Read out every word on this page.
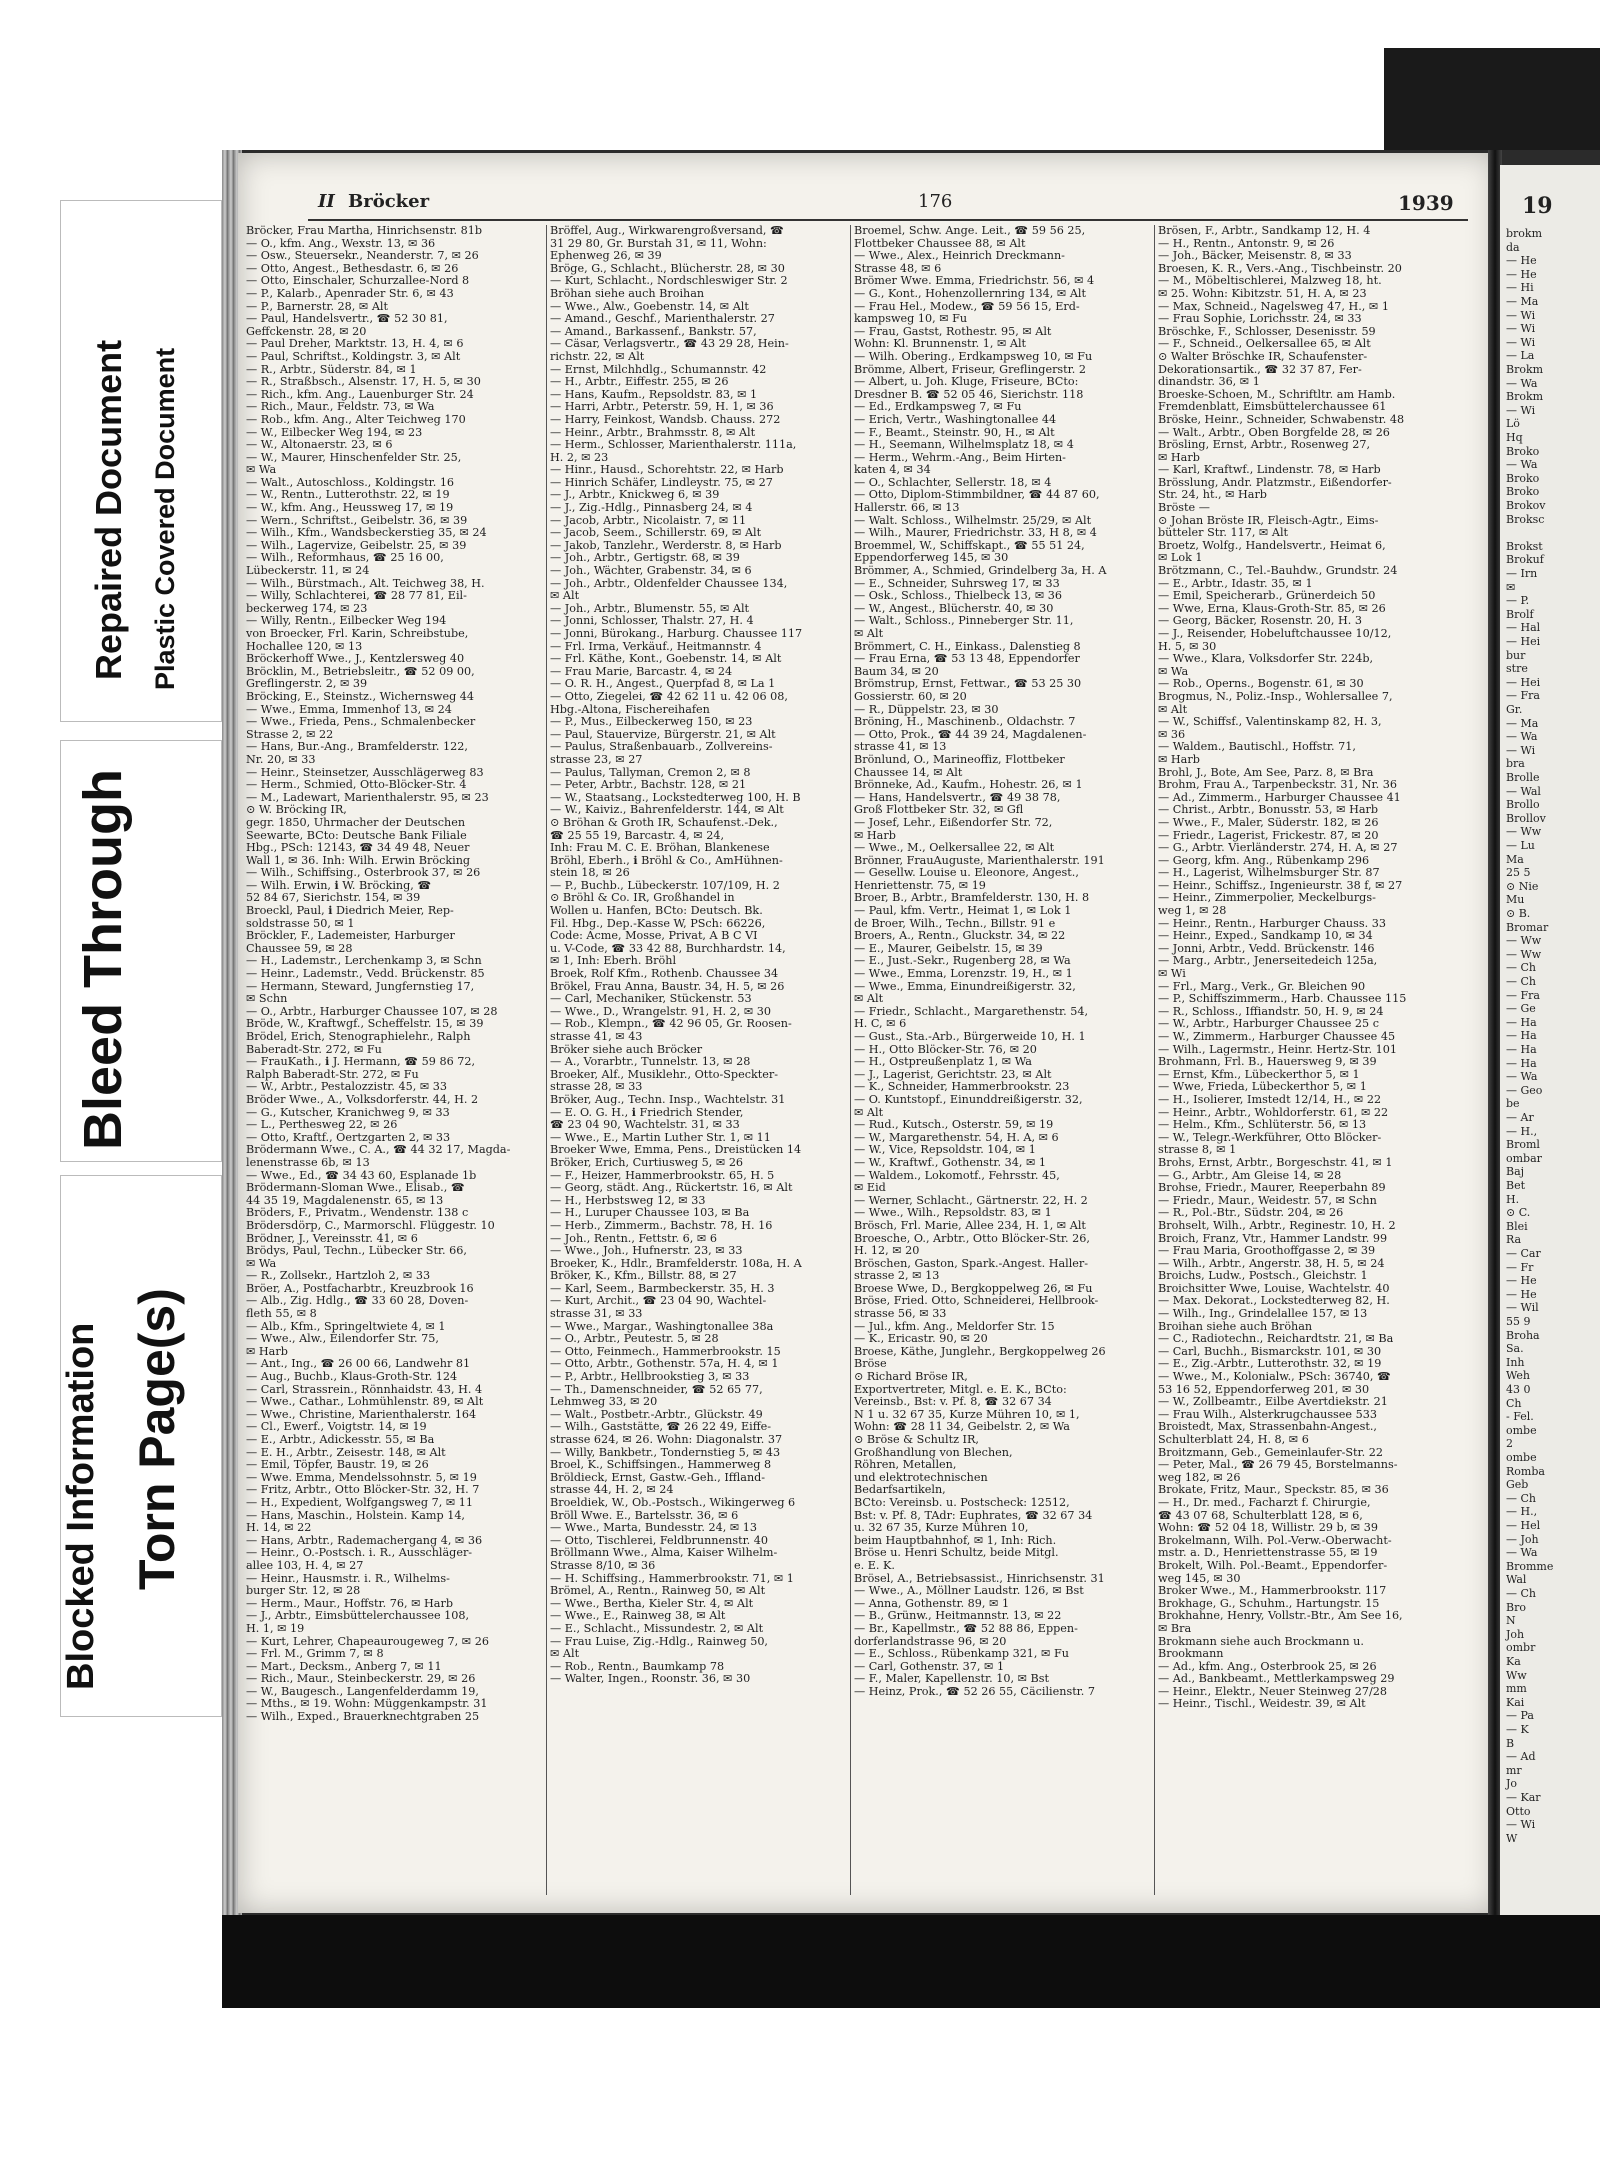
Repaired Document Plastic Covered Document
Bleed Through
Blocked Information Torn Page(s)
II Bröcker	176	1939
Bröcker, Frau Martha, Hinrichsenstr. 81b
— O., kfm. Ang., Wexstr. 13, ✉ 36
— Osw., Steuersekr., Neanderstr. 7, ✉ 26
— Otto, Angest., Bethesdastr. 6, ✉ 26
— Otto, Einschaler, Schurzallee-Nord 8
— P., Kalarb., Apenrader Str. 6, ✉ 43
— P., Barnerstr. 28, ✉ Alt
— Paul, Handelsvertr., ☎ 52 30 81,
Geffckenstr. 28, ✉ 20
— Paul Dreher, Marktstr. 13, H. 4, ✉ 6
— Paul, Schriftst., Koldingstr. 3, ✉ Alt
— R., Arbtr., Süderstr. 84, ✉ 1
— R., Straßbsch., Alsenstr. 17, H. 5, ✉ 30
— Rich., kfm. Ang., Lauenburger Str. 24
— Rich., Maur., Feldstr. 73, ✉ Wa
— Rob., kfm. Ang., Alter Teichweg 170
— W., Eilbecker Weg 194, ✉ 23
— W., Altonaerstr. 23, ✉ 6
— W., Maurer, Hinschenfelder Str. 25,
✉ Wa
— Walt., Autoschloss., Koldingstr. 16
— W., Rentn., Lutterothstr. 22, ✉ 19
— W., kfm. Ang., Heussweg 17, ✉ 19
— Wern., Schriftst., Geibelstr. 36, ✉ 39
— Wilh., Kfm., Wandsbeckerstieg 35, ✉ 24
— Wilh., Lagervize, Geibelstr. 25, ✉ 39
— Wilh., Reformhaus, ☎ 25 16 00,
Lübeckerstr. 11, ✉ 24
— Wilh., Bürstmach., Alt. Teichweg 38, H.
— Willy, Schlachterei, ☎ 28 77 81, Eil-
beckerweg 174, ✉ 23
— Willy, Rentn., Eilbecker Weg 194
von Broecker, Frl. Karin, Schreibstube,
Hochallee 120, ✉ 13
Bröckerhoff Wwe., J., Kentzlersweg 40
Bröcklin, M., Betriebsleitr., ☎ 52 09 00,
Greflingerstr. 2, ✉ 39
Bröcking, E., Steinstz., Wichernsweg 44
— Wwe., Emma, Immenhof 13, ✉ 24
— Wwe., Frieda, Pens., Schmalenbecker
Strasse 2, ✉ 22
— Hans, Bur.-Ang., Bramfelderstr. 122,
Nr. 20, ✉ 33
— Heinr., Steinsetzer, Ausschlägerweg 83
— Herm., Schmied, Otto-Blöcker-Str. 4
— M., Ladewart, Marienthalerstr. 95, ✉ 23
⊙ W. Bröcking IR,
gegr. 1850, Uhrmacher der Deutschen
Seewarte, BCto: Deutsche Bank Filiale
Hbg., PSch: 12143, ☎ 34 49 48, Neuer
Wall 1, ✉ 36. Inh: Wilh. Erwin Bröcking
— Wilh., Schiffsing., Osterbrook 37, ✉ 26
— Wilh. Erwin, ℹ W. Bröcking, ☎
52 84 67, Sierichstr. 154, ✉ 39
Broeckl, Paul, ℹ Diedrich Meier, Rep-
soldstrasse 50, ✉ 1
Bröckler, F., Lademeister, Harburger
Chaussee 59, ✉ 28
— H., Lademstr., Lerchenkamp 3, ✉ Schn
— Heinr., Lademstr., Vedd. Brückenstr. 85
— Hermann, Steward, Jungfernstieg 17,
✉ Schn
— O., Arbtr., Harburger Chaussee 107, ✉ 28
Bröde, W., Kraftwgf., Scheffelstr. 15, ✉ 39
Brödel, Erich, Stenographielehr., Ralph
Baberadt-Str. 272, ✉ Fu
— FrauKath., ℹ J. Hermann, ☎ 59 86 72,
Ralph Baberadt-Str. 272, ✉ Fu
— W., Arbtr., Pestalozzistr. 45, ✉ 33
Bröder Wwe., A., Volksdorferstr. 44, H. 2
— G., Kutscher, Kranichweg 9, ✉ 33
— L., Perthesweg 22, ✉ 26
— Otto, Kraftf., Oertzgarten 2, ✉ 33
Brödermann Wwe., C. A., ☎ 44 32 17, Magda-
lenenstrasse 6b, ✉ 13
— Wwe., Ed., ☎ 34 43 60, Esplanade 1b
Brödermann-Sloman Wwe., Elisab., ☎
44 35 19, Magdalenenstr. 65, ✉ 13
Bröders, F., Privatm., Wendenstr. 138 c
Brödersdörp, C., Marmorschl. Flüggestr. 10
Brödner, J., Vereinsstr. 41, ✉ 6
Brödys, Paul, Techn., Lübecker Str. 66,
✉ Wa
— R., Zollsekr., Hartzloh 2, ✉ 33
Bröer, A., Postfacharbtr., Kreuzbrook 16
— Alb., Zig. Hdlg., ☎ 33 60 28, Doven-
fleth 55, ✉ 8
— Alb., Kfm., Springeltwiete 4, ✉ 1
— Wwe., Alw., Eilendorfer Str. 75,
✉ Harb
— Ant., Ing., ☎ 26 00 66, Landwehr 81
— Aug., Buchb., Klaus-Groth-Str. 124
— Carl, Strassrein., Rönnhaidstr. 43, H. 4
— Wwe., Cathar., Lohmühlenstr. 89, ✉ Alt
— Wwe., Christine, Marienthalerstr. 164
— Cl., Ewerf., Voigtstr. 14, ✉ 19
— E., Arbtr., Adickesstr. 55, ✉ Ba
— E. H., Arbtr., Zeisestr. 148, ✉ Alt
— Emil, Töpfer, Baustr. 19, ✉ 26
— Wwe. Emma, Mendelssohnstr. 5, ✉ 19
— Fritz, Arbtr., Otto Blöcker-Str. 32, H. 7
— H., Expedient, Wolfgangsweg 7, ✉ 11
— Hans, Maschin., Holstein. Kamp 14,
H. 14, ✉ 22
— Hans, Arbtr., Rademachergang 4, ✉ 36
— Heinr., O.-Postsch. i. R., Ausschläger-
allee 103, H. 4, ✉ 27
— Heinr., Hausmstr. i. R., Wilhelms-
burger Str. 12, ✉ 28
— Herm., Maur., Hoffstr. 76, ✉ Harb
— J., Arbtr., Eimsbüttelerchaussee 108,
H. 1, ✉ 19
— Kurt, Lehrer, Chapeaurougeweg 7, ✉ 26
— Frl. M., Grimm 7, ✉ 8
— Mart., Decksm., Anberg 7, ✉ 11
— Rich., Maur., Steinbeckerstr. 29, ✉ 26
— W., Baugesch., Langenfelderdamm 19,
— Mths., ✉ 19. Wohn: Müggenkampstr. 31
— Wilh., Exped., Brauerknechtgraben 25
Bröffel, Aug., Wirkwarengroßversand, ☎
31 29 80, Gr. Burstah 31, ✉ 11, Wohn:
Ephenweg 26, ✉ 39
Bröge, G., Schlacht., Blücherstr. 28, ✉ 30
— Kurt, Schlacht., Nordschleswiger Str. 2
Bröhan siehe auch Broihan
— Wwe., Alw., Goebenstr. 14, ✉ Alt
— Amand., Geschf., Marienthalerstr. 27
— Amand., Barkassenf., Bankstr. 57,
— Cäsar, Verlagsvertr., ☎ 43 29 28, Hein-
richstr. 22, ✉ Alt
— Ernst, Milchhdlg., Schumannstr. 42
— H., Arbtr., Eiffestr. 255, ✉ 26
— Hans, Kaufm., Repsoldstr. 83, ✉ 1
— Harri, Arbtr., Peterstr. 59, H. 1, ✉ 36
— Harry, Feinkost, Wandsb. Chauss. 272
— Heinr., Arbtr., Brahmsstr. 8, ✉ Alt
— Herm., Schlosser, Marienthalerstr. 111a,
H. 2, ✉ 23
— Hinr., Hausd., Schorehtstr. 22, ✉ Harb
— Hinrich Schäfer, Lindleystr. 75, ✉ 27
— J., Arbtr., Knickweg 6, ✉ 39
— J., Zig.-Hdlg., Pinnasberg 24, ✉ 4
— Jacob, Arbtr., Nicolaistr. 7, ✉ 11
— Jacob, Seem., Schillerstr. 69, ✉ Alt
— Jakob, Tanzlehr., Werderstr. 8, ✉ Harb
— Joh., Arbtr., Gertigstr. 68, ✉ 39
— Joh., Wächter, Grabenstr. 34, ✉ 6
— Joh., Arbtr., Oldenfelder Chaussee 134,
✉ Alt
— Joh., Arbtr., Blumenstr. 55, ✉ Alt
— Jonni, Schlosser, Thalstr. 27, H. 4
— Jonni, Bürokang., Harburg. Chaussee 117
— Frl. Irma, Verkäuf., Heitmannstr. 4
— Frl. Käthe, Kont., Goebenstr. 14, ✉ Alt
— Frau Marie, Barcastr. 4, ✉ 24
— O. R. H., Angest., Querpfad 8, ✉ La 1
— Otto, Ziegelei, ☎ 42 62 11 u. 42 06 08,
Hbg.-Altona, Fischereihafen
— P., Mus., Eilbeckerweg 150, ✉ 23
— Paul, Stauervize, Bürgerstr. 21, ✉ Alt
— Paulus, Straßenbauarb., Zollvereins-
strasse 23, ✉ 27
— Paulus, Tallyman, Cremon 2, ✉ 8
— Peter, Arbtr., Bachstr. 128, ✉ 21
— W., Staatsang., Lockstedterweg 100, H. B
— W., Kaiviz., Bahrenfelderstr. 144, ✉ Alt
⊙ Bröhan & Groth IR, Schaufenst.-Dek.,
☎ 25 55 19, Barcastr. 4, ✉ 24,
Inh: Frau M. C. E. Bröhan, Blankenese
Bröhl, Eberh., ℹ Bröhl & Co., AmHühnen-
stein 18, ✉ 26
— P., Buchb., Lübeckerstr. 107/109, H. 2
⊙ Bröhl & Co. IR, Großhandel in
Wollen u. Hanfen, BCto: Deutsch. Bk.
Fil. Hbg., Dep.-Kasse W, PSch: 66226,
Code: Acme, Mosse, Privat, A B C VI
u. V-Code, ☎ 33 42 88, Burchhardstr. 14,
✉ 1, Inh: Eberh. Bröhl
Broek, Rolf Kfm., Rothenb. Chaussee 34
Brökel, Frau Anna, Baustr. 34, H. 5, ✉ 26
— Carl, Mechaniker, Stückenstr. 53
— Wwe., D., Wrangelstr. 91, H. 2, ✉ 30
— Rob., Klempn., ☎ 42 96 05, Gr. Roosen-
strasse 41, ✉ 43
Bröker siehe auch Bröcker
— A., Vorarbtr., Tunnelstr. 13, ✉ 28
Broeker, Alf., Musiklehr., Otto-Speckter-
strasse 28, ✉ 33
Bröker, Aug., Techn. Insp., Wachtelstr. 31
— E. O. G. H., ℹ Friedrich Stender,
☎ 23 04 90, Wachtelstr. 31, ✉ 33
— Wwe., E., Martin Luther Str. 1, ✉ 11
Broeker Wwe, Emma, Pens., Dreistücken 14
Bröker, Erich, Curtiusweg 5, ✉ 26
— F., Heizer, Hammerbrookstr. 65, H. 5
— Georg, städt. Ang., Rückertstr. 16, ✉ Alt
— H., Herbstsweg 12, ✉ 33
— H., Luruper Chaussee 103, ✉ Ba
— Herb., Zimmerm., Bachstr. 78, H. 16
— Joh., Rentn., Fettstr. 6, ✉ 6
— Wwe., Joh., Hufnerstr. 23, ✉ 33
Broeker, K., Hdlr., Bramfelderstr. 108a, H. A
Bröker, K., Kfm., Billstr. 88, ✉ 27
— Karl, Seem., Barmbeckerstr. 35, H. 3
— Kurt, Archit., ☎ 23 04 90, Wachtel-
strasse 31, ✉ 33
— Wwe., Margar., Washingtonallee 38a
— O., Arbtr., Peutestr. 5, ✉ 28
— Otto, Feinmech., Hammerbrookstr. 15
— Otto, Arbtr., Gothenstr. 57a, H. 4, ✉ 1
— P., Arbtr., Hellbrookstieg 3, ✉ 33
— Th., Damenschneider, ☎ 52 65 77,
Lehmweg 33, ✉ 20
— Walt., Postbetr.-Arbtr., Glückstr. 49
— Wilh., Gaststätte, ☎ 26 22 49, Eiffe-
strasse 624, ✉ 26. Wohn: Diagonalstr. 37
— Willy, Bankbetr., Tondernstieg 5, ✉ 43
Broel, K., Schiffsingen., Hammerweg 8
Bröldieck, Ernst, Gastw.-Geh., Iffland-
strasse 44, H. 2, ✉ 24
Broeldiek, W., Ob.-Postsch., Wikingerweg 6
Bröll Wwe. E., Bartelsstr. 36, ✉ 6
— Wwe., Marta, Bundesstr. 24, ✉ 13
— Otto, Tischlerei, Feldbrunnenstr. 40
Bröllmann Wwe., Alma, Kaiser Wilhelm-
Strasse 8/10, ✉ 36
— H. Schiffsing., Hammerbrookstr. 71, ✉ 1
Brömel, A., Rentn., Rainweg 50, ✉ Alt
— Wwe., Bertha, Kieler Str. 4, ✉ Alt
— Wwe., E., Rainweg 38, ✉ Alt
— E., Schlacht., Missundestr. 2, ✉ Alt
— Frau Luise, Zig.-Hdlg., Rainweg 50,
✉ Alt
— Rob., Rentn., Baumkamp 78
— Walter, Ingen., Roonstr. 36, ✉ 30
Broemel, Schw. Ange. Leit., ☎ 59 56 25,
Flottbeker Chaussee 88, ✉ Alt
— Wwe., Alex., Heinrich Dreckmann-
Strasse 48, ✉ 6
Brömer Wwe. Emma, Friedrichstr. 56, ✉ 4
— G., Kont., Hohenzollernring 134, ✉ Alt
— Frau Hel., Modew., ☎ 59 56 15, Erd-
kampsweg 10, ✉ Fu
— Frau, Gastst, Rothestr. 95, ✉ Alt
Wohn: Kl. Brunnenstr. 1, ✉ Alt
— Wilh. Obering., Erdkampsweg 10, ✉ Fu
Brömme, Albert, Friseur, Greflingerstr. 2
— Albert, u. Joh. Kluge, Friseure, BCto:
Dresdner B. ☎ 52 05 46, Sierichstr. 118
— Ed., Erdkampsweg 7, ✉ Fu
— Erich, Vertr., Washingtonallee 44
— F., Beamt., Steinstr. 90, H., ✉ Alt
— H., Seemann, Wilhelmsplatz 18, ✉ 4
— Herm., Wehrm.-Ang., Beim Hirten-
katen 4, ✉ 34
— O., Schlachter, Sellerstr. 18, ✉ 4
— Otto, Diplom-Stimmbildner, ☎ 44 87 60,
Hallerstr. 66, ✉ 13
— Walt. Schloss., Wilhelmstr. 25/29, ✉ Alt
— Wilh., Maurer, Friedrichstr. 33, H 8, ✉ 4
Broemmel, W., Schiffskapt., ☎ 55 51 24,
Eppendorferweg 145, ✉ 30
Brömmer, A., Schmied, Grindelberg 3a, H. A
— E., Schneider, Suhrsweg 17, ✉ 33
— Osk., Schloss., Thielbeck 13, ✉ 36
— W., Angest., Blücherstr. 40, ✉ 30
— Walt., Schloss., Pinneberger Str. 11,
✉ Alt
Brömmert, C. H., Einkass., Dalenstieg 8
— Frau Erna, ☎ 53 13 48, Eppendorfer
Baum 34, ✉ 20
Brömstrup, Ernst, Fettwar., ☎ 53 25 30
Gossierstr. 60, ✉ 20
— R., Düppelstr. 23, ✉ 30
Bröning, H., Maschinenb., Oldachstr. 7
— Otto, Prok., ☎ 44 39 24, Magdalenen-
strasse 41, ✉ 13
Brönlund, O., Marineoffiz, Flottbeker
Chaussee 14, ✉ Alt
Brönneke, Ad., Kaufm., Hohestr. 26, ✉ 1
— Hans, Handelsvertr., ☎ 49 38 78,
Groß Flottbeker Str. 32, ✉ Gfl
— Josef, Lehr., Eißendorfer Str. 72,
✉ Harb
— Wwe., M., Oelkersallee 22, ✉ Alt
Brönner, FrauAuguste, Marienthalerstr. 191
— Gesellw. Louise u. Eleonore, Angest.,
Henriettenstr. 75, ✉ 19
Broer, B., Arbtr., Bramfelderstr. 130, H. 8
— Paul, kfm. Vertr., Heimat 1, ✉ Lok 1
de Broer, Wilh., Techn., Billstr. 91 e
Broers, A., Rentn., Gluckstr. 34, ✉ 22
— E., Maurer, Geibelstr. 15, ✉ 39
— E., Just.-Sekr., Rugenberg 28, ✉ Wa
— Wwe., Emma, Lorenzstr. 19, H., ✉ 1
— Wwe., Emma, Einundreißigerstr. 32,
✉ Alt
— Friedr., Schlacht., Margarethenstr. 54,
H. C, ✉ 6
— Gust., Sta.-Arb., Bürgerweide 10, H. 1
— H., Otto Blöcker-Str. 76, ✉ 20
— H., Ostpreußenplatz 1, ✉ Wa
— J., Lagerist, Gerichtstr. 23, ✉ Alt
— K., Schneider, Hammerbrookstr. 23
— O. Kuntstopf., Einunddreißigerstr. 32,
✉ Alt
— Rud., Kutsch., Osterstr. 59, ✉ 19
— W., Margarethenstr. 54, H. A, ✉ 6
— W., Vice, Repsoldstr. 104, ✉ 1
— W., Kraftwf., Gothenstr. 34, ✉ 1
— Waldem., Lokomotf., Fehrsstr. 45,
✉ Eid
— Werner, Schlacht., Gärtnerstr. 22, H. 2
— Wwe., Wilh., Repsoldstr. 83, ✉ 1
Brösch, Frl. Marie, Allee 234, H. 1, ✉ Alt
Broesche, O., Arbtr., Otto Blöcker-Str. 26,
H. 12, ✉ 20
Bröschen, Gaston, Spark.-Angest. Haller-
strasse 2, ✉ 13
Broese Wwe, D., Bergkoppelweg 26, ✉ Fu
Bröse, Fried. Otto, Schneiderei, Hellbrook-
strasse 56, ✉ 33
— Jul., kfm. Ang., Meldorfer Str. 15
— K., Ericastr. 90, ✉ 20
Broese, Käthe, Junglehr., Bergkoppelweg 26
Bröse
⊙ Richard Bröse IR,
Exportvertreter, Mitgl. e. E. K., BCto:
Vereinsb., Bst: v. Pf. 8, ☎ 32 67 34
N 1 u. 32 67 35, Kurze Mühren 10, ✉ 1,
Wohn: ☎ 28 11 34, Geibelstr. 2, ✉ Wa
⊙ Bröse & Schultz IR,
Großhandlung von Blechen,
Röhren, Metallen,
und elektrotechnischen
Bedarfsartikeln,
BCto: Vereinsb. u. Postscheck: 12512,
Bst: v. Pf. 8, TAdr: Euphrates, ☎ 32 67 34
u. 32 67 35, Kurze Mühren 10,
beim Hauptbahnhof, ✉ 1, Inh: Rich.
Bröse u. Henri Schultz, beide Mitgl.
e. E. K.
Brösel, A., Betriebsassist., Hinrichsenstr. 31
— Wwe., A., Möllner Laudstr. 126, ✉ Bst
— Anna, Gothenstr. 89, ✉ 1
— B., Grünw., Heitmannstr. 13, ✉ 22
— Br., Kapellmstr., ☎ 52 88 86, Eppen-
dorferlandstrasse 96, ✉ 20
— E., Schloss., Rübenkamp 321, ✉ Fu
— Carl, Gothenstr. 37, ✉ 1
— F., Maler, Kapellenstr. 10, ✉ Bst
— Heinz, Prok., ☎ 52 26 55, Cäcilienstr. 7
Brösen, F., Arbtr., Sandkamp 12, H. 4
— H., Rentn., Antonstr. 9, ✉ 26
— Joh., Bäcker, Meisenstr. 8, ✉ 33
Broesen, K. R., Vers.-Ang., Tischbeinstr. 20
— M., Möbeltischlerei, Malzweg 18, ht.
✉ 25. Wohn: Kibitzstr. 51, H. A, ✉ 23
— Max, Schneid., Nagelsweg 47, H., ✉ 1
— Frau Sophie, Lorichsstr. 24, ✉ 33
Bröschke, F., Schlosser, Desenisstr. 59
— F., Schneid., Oelkersallee 65, ✉ Alt
⊙ Walter Bröschke IR, Schaufenster-
Dekorationsartik., ☎ 32 37 87, Fer-
dinandstr. 36, ✉ 1
Broeske-Schoen, M., Schriftltr. am Hamb.
Fremdenblatt, Eimsbüttelerchaussee 61
Bröske, Heinr., Schneider, Schwabenstr. 48
— Walt., Arbtr., Oben Borgfelde 28, ✉ 26
Brösling, Ernst, Arbtr., Rosenweg 27,
✉ Harb
— Karl, Kraftwf., Lindenstr. 78, ✉ Harb
Brösslung, Andr. Platzmstr., Eißendorfer-
Str. 24, ht., ✉ Harb
Bröste —
⊙ Johan Bröste IR, Fleisch-Agtr., Eims-
bütteler Str. 117, ✉ Alt
Broetz, Wolfg., Handelsvertr., Heimat 6,
✉ Lok 1
Brötzmann, C., Tel.-Bauhdw., Grundstr. 24
— E., Arbtr., Idastr. 35, ✉ 1
— Emil, Speicherarb., Grünerdeich 50
— Wwe, Erna, Klaus-Groth-Str. 85, ✉ 26
— Georg, Bäcker, Rosenstr. 20, H. 3
— J., Reisender, Hobeluftchaussee 10/12,
H. 5, ✉ 30
— Wwe., Klara, Volksdorfer Str. 224b,
✉ Wa
— Rob., Operns., Bogenstr. 61, ✉ 30
Brogmus, N., Poliz.-Insp., Wohlersallee 7,
✉ Alt
— W., Schiffsf., Valentinskamp 82, H. 3,
✉ 36
— Waldem., Bautischl., Hoffstr. 71,
✉ Harb
Brohl, J., Bote, Am See, Parz. 8, ✉ Bra
Brohm, Frau A., Tarpenbeckstr. 31, Nr. 36
— Ad., Zimmerm., Harburger Chaussee 41
— Christ., Arbtr., Bonusstr. 53, ✉ Harb
— Wwe., F., Maler, Süderstr. 182, ✉ 26
— Friedr., Lagerist, Frickestr. 87, ✉ 20
— G., Arbtr. Vierländerstr. 274, H. A, ✉ 27
— Georg, kfm. Ang., Rübenkamp 296
— H., Lagerist, Wilhelmsburger Str. 87
— Heinr., Schiffsz., Ingenieurstr. 38 f, ✉ 27
— Heinr., Zimmerpolier, Meckelburgs-
weg 1, ✉ 28
— Heinr., Rentn., Harburger Chauss. 33
— Heinr., Exped., Sandkamp 10, ✉ 34
— Jonni, Arbtr., Vedd. Brückenstr. 146
— Marg., Arbtr., Jenerseitedeich 125a,
✉ Wi
— Frl., Marg., Verk., Gr. Bleichen 90
— P., Schiffszimmerm., Harb. Chaussee 115
— R., Schloss., Iffiandstr. 50, H. 9, ✉ 24
— W., Arbtr., Harburger Chaussee 25 c
— W., Zimmerm., Harburger Chaussee 45
— Wilh., Lagermstr., Heinr. Hertz-Str. 101
Brohmann, Frl. B., Hauersweg 9, ✉ 39
— Ernst, Kfm., Lübeckerthor 5, ✉ 1
— Wwe, Frieda, Lübeckerthor 5, ✉ 1
— H., Isolierer, Imstedt 12/14, H., ✉ 22
— Heinr., Arbtr., Wohldorferstr. 61, ✉ 22
— Helm., Kfm., Schlüterstr. 56, ✉ 13
— W., Telegr.-Werkführer, Otto Blöcker-
strasse 8, ✉ 1
Brohs, Ernst, Arbtr., Borgeschstr. 41, ✉ 1
— G., Arbtr., Am Gleise 14, ✉ 28
Brohse, Friedr., Maurer, Reeperbahn 89
— Friedr., Maur., Weidestr. 57, ✉ Schn
— R., Pol.-Btr., Südstr. 204, ✉ 26
Brohselt, Wilh., Arbtr., Reginestr. 10, H. 2
Broich, Franz, Vtr., Hammer Landstr. 99
— Frau Maria, Groothoffgasse 2, ✉ 39
— Wilh., Arbtr., Angerstr. 38, H. 5, ✉ 24
Broichs, Ludw., Postsch., Gleichstr. 1
Broichsitter Wwe, Louise, Wachtelstr. 40
— Max. Dekorat., Lockstedterweg 82, H.
— Wilh., Ing., Grindelallee 157, ✉ 13
Broihan siehe auch Bröhan
— C., Radiotechn., Reichardtstr. 21, ✉ Ba
— Carl, Buchh., Bismarckstr. 101, ✉ 30
— E., Zig.-Arbtr., Lutterothstr. 32, ✉ 19
— Wwe., M., Kolonialw., PSch: 36740, ☎
53 16 52, Eppendorferweg 201, ✉ 30
— W., Zollbeamtr., Eilbe Avertdiekstr. 21
— Frau Wilh., Alsterkrugchaussee 533
Broistedt, Max, Strassenbahn-Angest.,
Schulterblatt 24, H. 8, ✉ 6
Broitzmann, Geb., Gemeinlaufer-Str. 22
— Peter, Mal., ☎ 26 79 45, Borstelmanns-
weg 182, ✉ 26
Brokate, Fritz, Maur., Speckstr. 85, ✉ 36
— H., Dr. med., Facharzt f. Chirurgie,
☎ 43 07 68, Schulterblatt 128, ✉ 6,
Wohn: ☎ 52 04 18, Willistr. 29 b, ✉ 39
Brokelmann, Wilh. Pol.-Verw.-Oberwacht-
mstr. a. D., Henriettenstrasse 55, ✉ 19
Brokelt, Wilh. Pol.-Beamt., Eppendorfer-
weg 145, ✉ 30
Broker Wwe., M., Hammerbrookstr. 117
Brokhage, G., Schuhm., Hartungstr. 15
Brokhahne, Henry, Vollstr.-Btr., Am See 16,
✉ Bra
Brokmann siehe auch Brockmann u.
Brookmann
— Ad., kfm. Ang., Osterbrook 25, ✉ 26
— Ad., Bankbeamt., Mettlerkampsweg 29
— Heinr., Elektr., Neuer Steinweg 27/28
— Heinr., Tischl., Weidestr. 39, ✉ Alt
19
brokm
da
— He
— He
— Hi
— Ma
— Wi
— Wi
— Wi
— La
Brokm
— Wa
Brokm
— Wi
Lö
Hq
Broko
— Wa
Broko
Broko
Brokov
Broksc
Brokst
Brokuf
— Irn
✉
— P.
Brolf
— Hal
— Hei
bur
stre
— Hei
— Fra
Gr.
— Ma
— Wa
— Wi
bra
Brolle
— Wal
Brollo
Brollov
— Ww
— Lu
Ma
25 5
⊙ Nie
Mu
⊙ B.
Bromar
— Ww
— Ww
— Ch
— Ch
— Fra
— Ge
— Ha
— Ha
— Ha
— Ha
— Wa
— Geo
be
— Ar
— H.,
Broml
ombar
Baj
Bet
H.
⊙ C.
Blei
Ra
— Car
— Fr
— He
— He
— Wil
55 9
Broha
Sa.
Inh
Weh
43 0
Ch
- Fel.
ombe
2
ombe
Romba
Geb
— Ch
— H.,
— Hel
— Joh
— Wa
Bromme
Wal
— Ch
Bro
N
Joh
ombr
Ka
Ww
mm
Kai
— Pa
— K
B
— Ad
mr
Jo
— Kar
Otto
— Wi
W
